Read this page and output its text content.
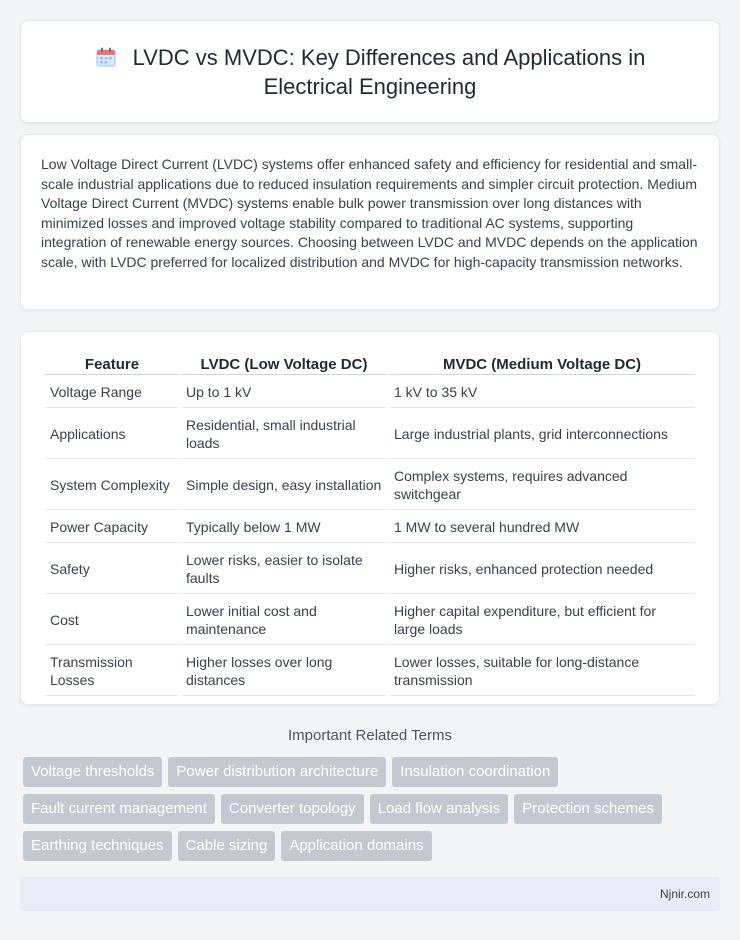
LVDC vs MVDC: Key Differences and Applications in Electrical Engineering

Low Voltage Direct Current (LVDC) systems offer enhanced safety and efficiency for residential and small-scale industrial applications due to reduced insulation requirements and simpler circuit protection. Medium Voltage Direct Current (MVDC) systems enable bulk power transmission over long distances with minimized losses and improved voltage stability compared to traditional AC systems, supporting integration of renewable energy sources. Choosing between LVDC and MVDC depends on the application scale, with LVDC preferred for localized distribution and MVDC for high-capacity transmission networks.

Feature	LVDC (Low Voltage DC)	MVDC (Medium Voltage DC)
Voltage Range	Up to 1 kV	1 kV to 35 kV
Applications	Residential, small industrial loads	Large industrial plants, grid interconnections
System Complexity	Simple design, easy installation	Complex systems, requires advanced switchgear
Power Capacity	Typically below 1 MW	1 MW to several hundred MW
Safety	Lower risks, easier to isolate faults	Higher risks, enhanced protection needed
Cost	Lower initial cost and maintenance	Higher capital expenditure, but efficient for large loads
Transmission Losses	Higher losses over long distances	Lower losses, suitable for long-distance transmission
Important Related Terms
Voltage thresholds	Power distribution architecture	Insulation coordination
Fault current management	Converter topology	Load flow analysis	Protection schemes
Earthing techniques	Cable sizing	Application domains
Njnir.com
